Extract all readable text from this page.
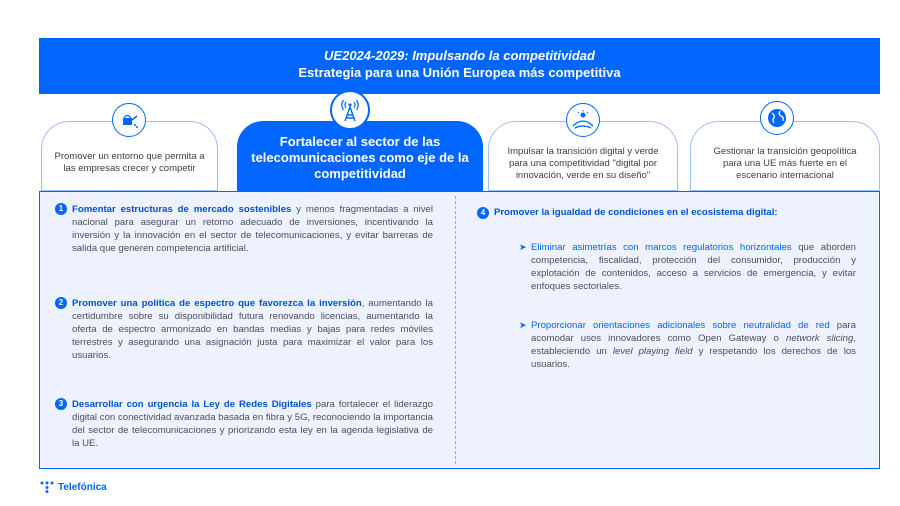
UE2024-2029: Impulsando la competitividad
Estrategia para una Unión Europea más competitiva
Promover un entorno que permita a las empresas crecer y competir
Fortalecer al sector de las telecomunicaciones como eje de la competitividad
Impulsar la transición digital y verde para una competitividad "digital por innovación, verde en su diseño"
Gestionar la transición geopolítica para una UE más fuerte en el escenario internacional
1 Fomentar estructuras de mercado sostenibles y menos fragmentadas a nivel nacional para asegurar un retorno adecuado de inversiones, incentivando la inversión y la innovación en el sector de telecomunicaciones, y evitar barreras de salida que generen competencia artificial.
2 Promover una política de espectro que favorezca la inversión, aumentando la certidumbre sobre su disponibilidad futura renovando licencias, aumentando la oferta de espectro armonizado en bandas medias y bajas para redes móviles terrestres y asegurando una asignación justa para maximizar el valor para los usuarios.
3 Desarrollar con urgencia la Ley de Redes Digitales para fortalecer el liderazgo digital con conectividad avanzada basada en fibra y 5G, reconociendo la importancia del sector de telecomunicaciones y priorizando esta ley en la agenda legislativa de la UE.
4 Promover la igualdad de condiciones en el ecosistema digital:
➤ Eliminar asimetrías con marcos regulatorios horizontales que aborden competencia, fiscalidad, protección del consumidor, producción y explotación de contenidos, acceso a servicios de emergencia, y evitar enfoques sectoriales.
➤ Proporcionar orientaciones adicionales sobre neutralidad de red para acomodar usos innovadores como Open Gateway o network slicing, estableciendo un level playing field y respetando los derechos de los usuarios.
Telefónica
